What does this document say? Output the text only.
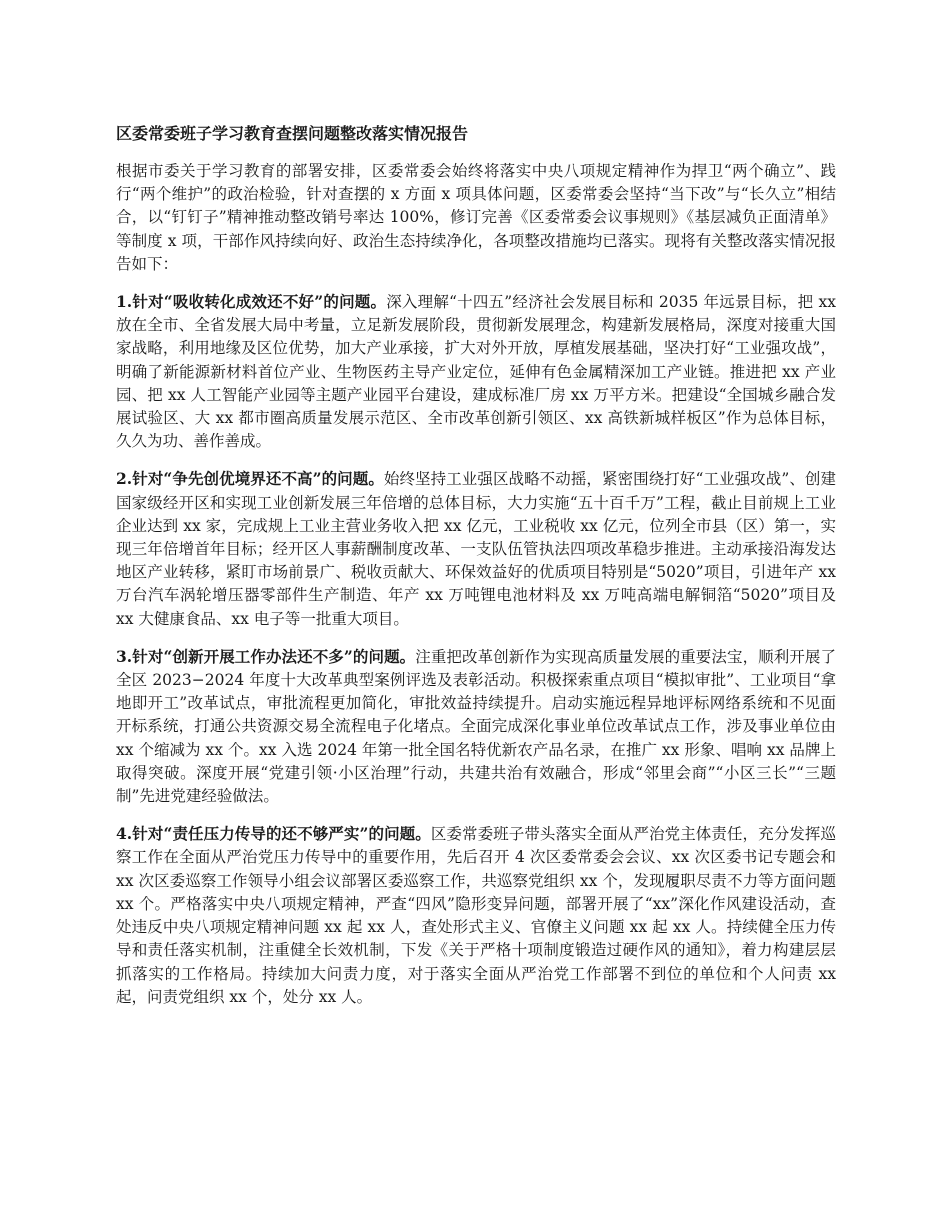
区委常委班子学习教育查摆问题整改落实情况报告

根据市委关于学习教育的部署安排，区委常委会始终将落实中央八项规定精神作为捍卫“两个确立”、践行“两个维护”的政治检验，针对查摆的 x 方面 x 项具体问题，区委常委会坚持“当下改”与“长久立”相结合，以“钉钉子”精神推动整改销号率达 100%，修订完善《区委常委会议事规则》《基层减负正面清单》等制度 x 项，干部作风持续向好、政治生态持续净化，各项整改措施均已落实。现将有关整改落实情况报告如下：

1.针对“吸收转化成效还不好”的问题。深入理解“十四五”经济社会发展目标和 2035 年远景目标，把 xx 放在全市、全省发展大局中考量，立足新发展阶段，贯彻新发展理念，构建新发展格局，深度对接重大国家战略，利用地缘及区位优势，加大产业承接，扩大对外开放，厚植发展基础，坚决打好“工业强攻战”，明确了新能源新材料首位产业、生物医药主导产业定位，延伸有色金属精深加工产业链。推进把 xx 产业园、把 xx 人工智能产业园等主题产业园平台建设，建成标准厂房 xx 万平方米。把建设“全国城乡融合发展试验区、大 xx 都市圈高质量发展示范区、全市改革创新引领区、xx 高铁新城样板区”作为总体目标，久久为功、善作善成。

2.针对“争先创优境界还不高”的问题。始终坚持工业强区战略不动摇，紧密围绕打好“工业强攻战”、创建国家级经开区和实现工业创新发展三年倍增的总体目标，大力实施“五十百千万”工程，截止目前规上工业企业达到 xx 家，完成规上工业主营业务收入把 xx 亿元，工业税收 xx 亿元，位列全市县（区）第一，实现三年倍增首年目标；经开区人事薪酬制度改革、一支队伍管执法四项改革稳步推进。主动承接沿海发达地区产业转移，紧盯市场前景广、税收贡献大、环保效益好的优质项目特别是“5020”项目，引进年产 xx 万台汽车涡轮增压器零部件生产制造、年产 xx 万吨锂电池材料及 xx 万吨高端电解铜箔“5020”项目及 xx 大健康食品、xx 电子等一批重大项目。

3.针对“创新开展工作办法还不多”的问题。注重把改革创新作为实现高质量发展的重要法宝，顺利开展了全区 2023−2024 年度十大改革典型案例评选及表彰活动。积极探索重点项目“模拟审批”、工业项目“拿地即开工”改革试点，审批流程更加简化，审批效益持续提升。启动实施远程异地评标网络系统和不见面开标系统，打通公共资源交易全流程电子化堵点。全面完成深化事业单位改革试点工作，涉及事业单位由 xx 个缩减为 xx 个。xx 入选 2024 年第一批全国名特优新农产品名录，在推广 xx 形象、唱响 xx 品牌上取得突破。深度开展“党建引领·小区治理”行动，共建共治有效融合，形成“邻里会商”“小区三长”“三题制”先进党建经验做法。

4.针对“责任压力传导的还不够严实”的问题。区委常委班子带头落实全面从严治党主体责任，充分发挥巡察工作在全面从严治党压力传导中的重要作用，先后召开 4 次区委常委会会议、xx 次区委书记专题会和 xx 次区委巡察工作领导小组会议部署区委巡察工作，共巡察党组织 xx 个，发现履职尽责不力等方面问题 xx 个。严格落实中央八项规定精神，严查“四风”隐形变异问题，部署开展了“xx”深化作风建设活动，查处违反中央八项规定精神问题 xx 起 xx 人，查处形式主义、官僚主义问题 xx 起 xx 人。持续健全压力传导和责任落实机制，注重健全长效机制，下发《关于严格十项制度锻造过硬作风的通知》，着力构建层层抓落实的工作格局。持续加大问责力度，对于落实全面从严治党工作部署不到位的单位和个人问责 xx 起，问责党组织 xx 个，处分 xx 人。
